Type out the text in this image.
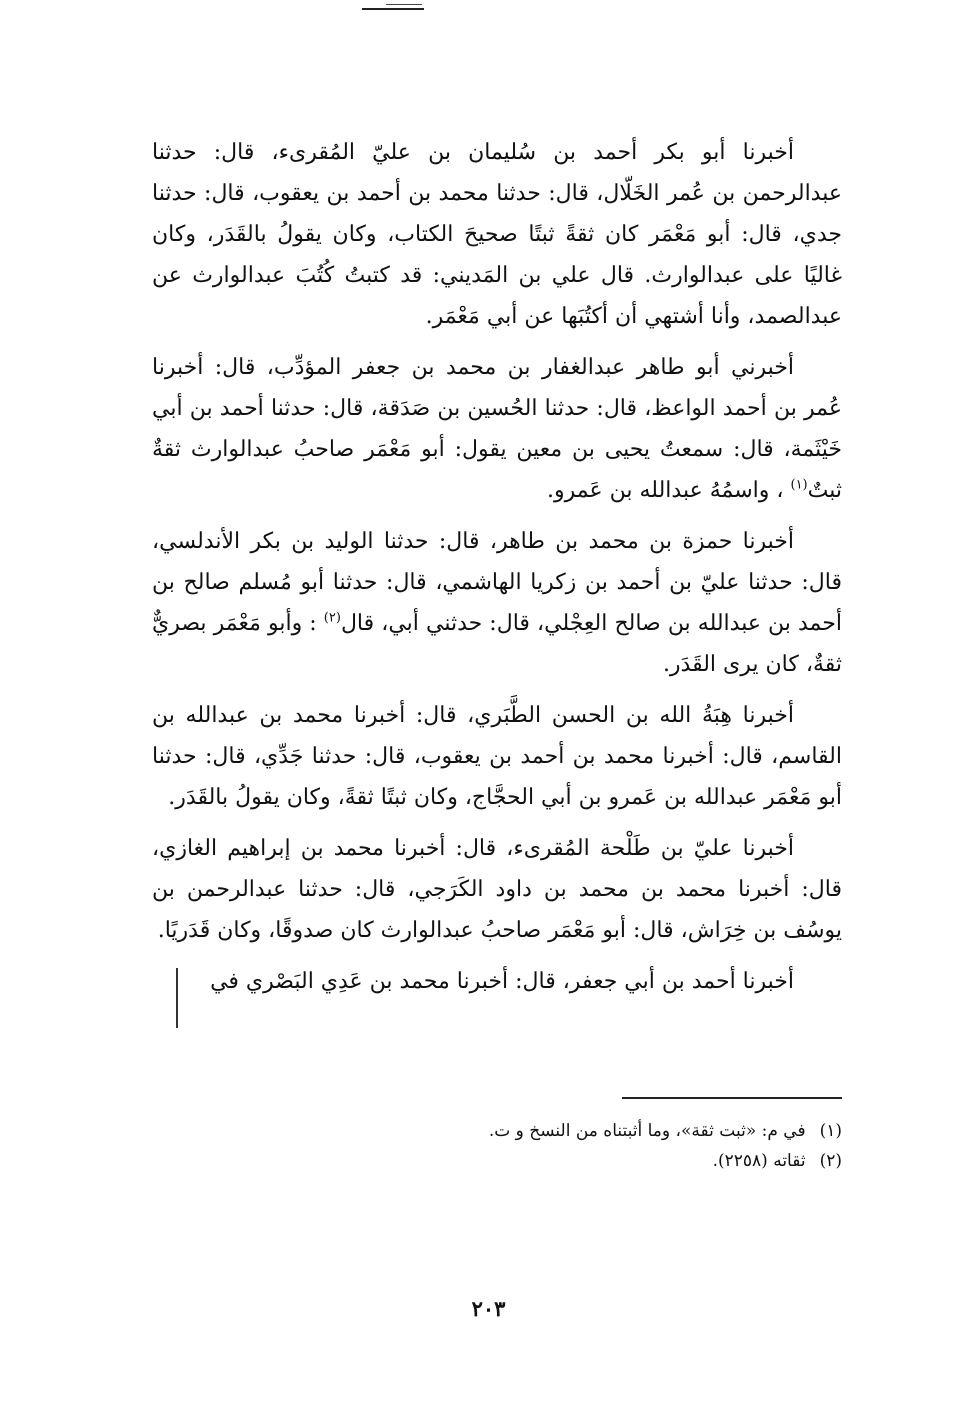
أخبرنا أبو بكر أحمد بن سُليمان بن عليّ المُقرىء، قال: حدثنا عبدالرحمن بن عُمر الخَلّال، قال: حدثنا محمد بن أحمد بن يعقوب، قال: حدثنا جدي، قال: أبو مَعْمَر كان ثقةً ثبتًا صحيحَ الكتاب، وكان يقولُ بالقَدَر، وكان غاليًا على عبدالوارث. قال علي بن المَديني: قد كتبتُ كُتُبَ عبدالوارث عن عبدالصمد، وأنا أشتهي أن أكتُبَها عن أبي مَعْمَر.

أخبرني أبو طاهر عبدالغفار بن محمد بن جعفر المؤدِّب، قال: أخبرنا عُمر بن أحمد الواعظ، قال: حدثنا الحُسين بن صَدَقة، قال: حدثنا أحمد بن أبي خَيْثَمة، قال: سمعتُ يحيى بن معين يقول: أبو مَعْمَر صاحبُ عبدالوارث ثقةٌ ثبتٌ$^{(١)}$ ، واسمُهُ عبدالله بن عَمرو.

أخبرنا حمزة بن محمد بن طاهر، قال: حدثنا الوليد بن بكر الأندلسي، قال: حدثنا عليّ بن أحمد بن زكريا الهاشمي، قال: حدثنا أبو مُسلم صالح بن أحمد بن عبدالله بن صالح العِجْلي، قال: حدثني أبي، قال$^{(٢)}$ : وأبو مَعْمَر بصريٌّ ثقةٌ، كان يرى القَدَر.

أخبرنا هِبَةُ الله بن الحسن الطَّبَري، قال: أخبرنا محمد بن عبدالله بن القاسم، قال: أخبرنا محمد بن أحمد بن يعقوب، قال: حدثنا جَدِّي، قال: حدثنا أبو مَعْمَر عبدالله بن عَمرو بن أبي الحجَّاج، وكان ثبتًا ثقةً، وكان يقولُ بالقَدَر.

أخبرنا عليّ بن طَلْحة المُقرىء، قال: أخبرنا محمد بن إبراهيم الغازي، قال: أخبرنا محمد بن محمد بن داود الكَرَجي، قال: حدثنا عبدالرحمن بن يوسُف بن خِرَاش، قال: أبو مَعْمَر صاحبُ عبدالوارث كان صدوقًا، وكان قَدَريًا.

أخبرنا أحمد بن أبي جعفر، قال: أخبرنا محمد بن عَدِي البَصْري في

(١)في م: «ثبت ثقة»، وما أثبتناه من النسخ و ت.

(٢)ثقاته (٢٢٥٨).

٢٠٣
